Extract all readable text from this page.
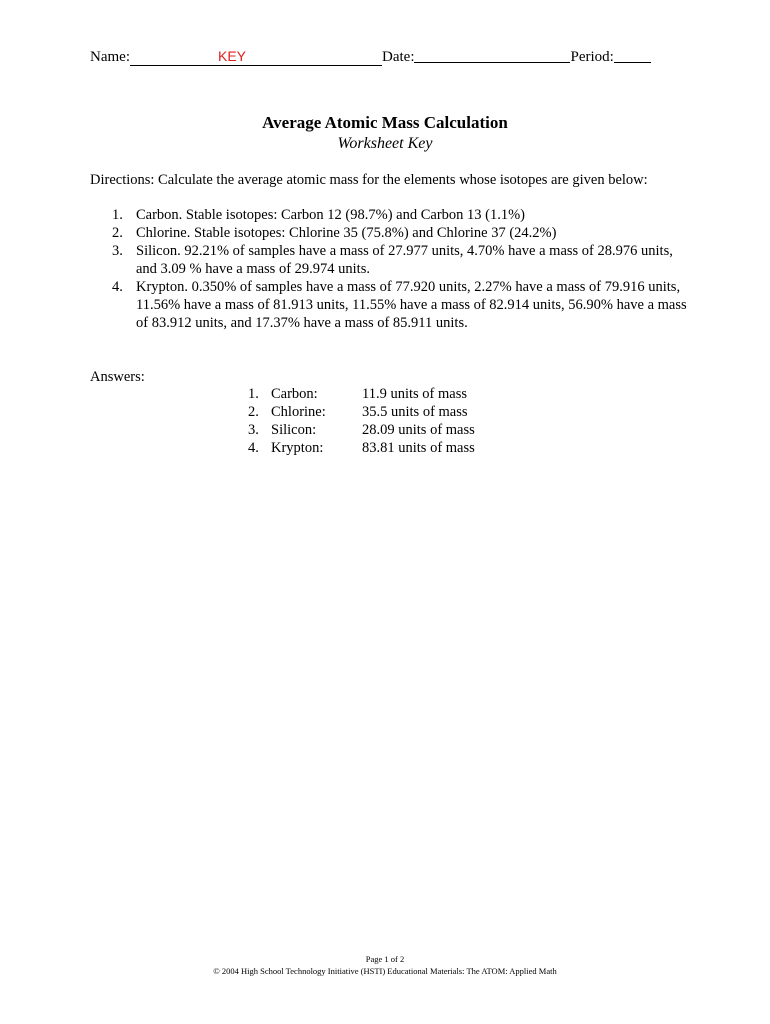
Name:	KEY	Date:	Period:
Average Atomic Mass Calculation
Worksheet Key
Directions: Calculate the average atomic mass for the elements whose isotopes are given below:
1. Carbon. Stable isotopes: Carbon 12 (98.7%) and Carbon 13 (1.1%)
2. Chlorine. Stable isotopes: Chlorine 35 (75.8%) and Chlorine 37 (24.2%)
3. Silicon. 92.21% of samples have a mass of 27.977 units, 4.70% have a mass of 28.976 units, and 3.09 % have a mass of 29.974 units.
4. Krypton. 0.350% of samples have a mass of 77.920 units, 2.27% have a mass of 79.916 units, 11.56% have a mass of 81.913 units, 11.55% have a mass of 82.914 units, 56.90% have a mass of 83.912 units, and 17.37% have a mass of 85.911 units.
Answers:
1. Carbon:	11.9 units of mass
2. Chlorine: 35.5 units of mass
3. Silicon:	28.09 units of mass
4. Krypton:	83.81 units of mass
Page 1 of 2
© 2004 High School Technology Initiative (HSTI) Educational Materials: The ATOM: Applied Math
